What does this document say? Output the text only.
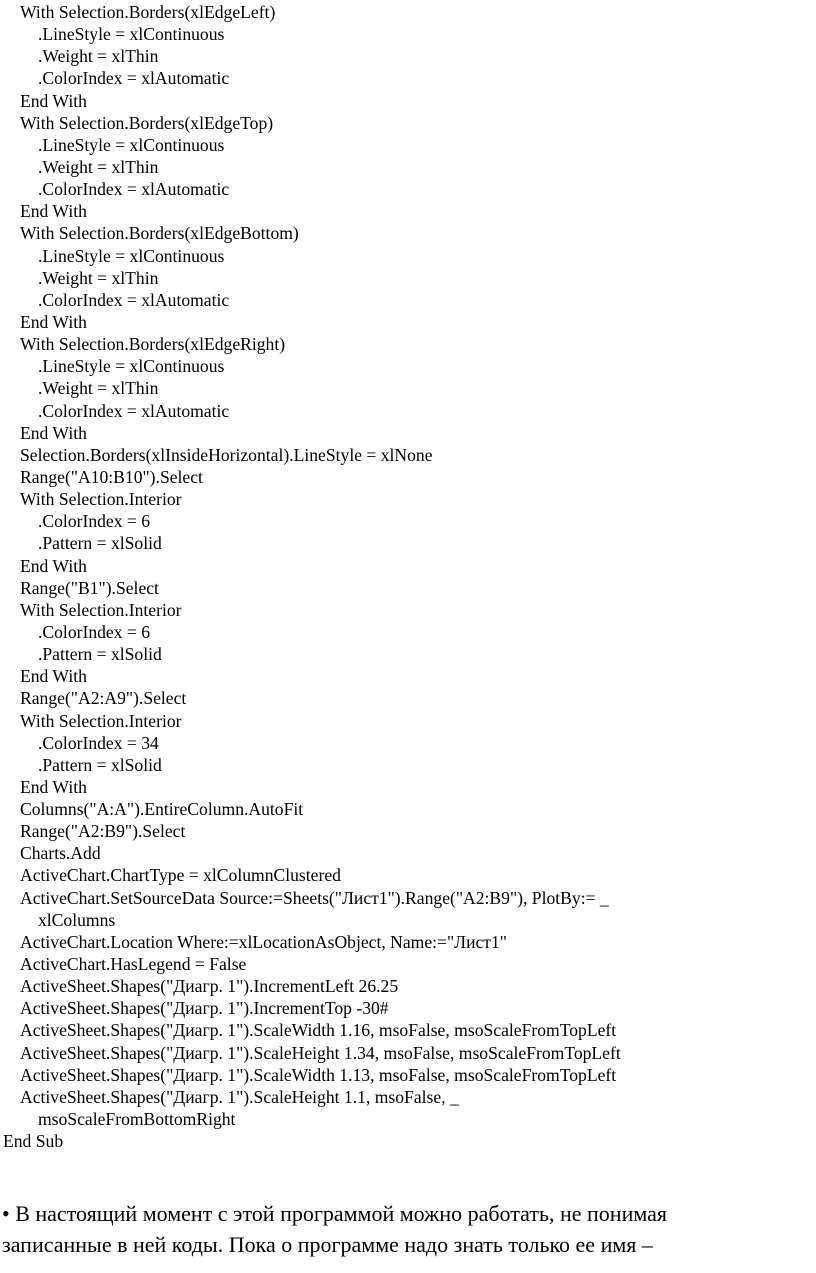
With Selection.Borders(xlEdgeLeft)
.LineStyle = xlContinuous
.Weight = xlThin
.ColorIndex = xlAutomatic
End With
With Selection.Borders(xlEdgeTop)
.LineStyle = xlContinuous
.Weight = xlThin
.ColorIndex = xlAutomatic
End With
With Selection.Borders(xlEdgeBottom)
.LineStyle = xlContinuous
.Weight = xlThin
.ColorIndex = xlAutomatic
End With
With Selection.Borders(xlEdgeRight)
.LineStyle = xlContinuous
.Weight = xlThin
.ColorIndex = xlAutomatic
End With
Selection.Borders(xlInsideHorizontal).LineStyle = xlNone
Range("A10:B10").Select
With Selection.Interior
.ColorIndex = 6
.Pattern = xlSolid
End With
Range("B1").Select
With Selection.Interior
.ColorIndex = 6
.Pattern = xlSolid
End With
Range("A2:A9").Select
With Selection.Interior
.ColorIndex = 34
.Pattern = xlSolid
End With
Columns("A:A").EntireColumn.AutoFit
Range("A2:B9").Select
Charts.Add
ActiveChart.ChartType = xlColumnClustered
ActiveChart.SetSourceData Source:=Sheets("Лист1").Range("A2:B9"), PlotBy:= _
xlColumns
ActiveChart.Location Where:=xlLocationAsObject, Name:="Лист1"
ActiveChart.HasLegend = False
ActiveSheet.Shapes("Диагр. 1").IncrementLeft 26.25
ActiveSheet.Shapes("Диагр. 1").IncrementTop -30#
ActiveSheet.Shapes("Диагр. 1").ScaleWidth 1.16, msoFalse, msoScaleFromTopLeft
ActiveSheet.Shapes("Диагр. 1").ScaleHeight 1.34, msoFalse, msoScaleFromTopLeft
ActiveSheet.Shapes("Диагр. 1").ScaleWidth 1.13, msoFalse, msoScaleFromTopLeft
ActiveSheet.Shapes("Диагр. 1").ScaleHeight 1.1, msoFalse, _
msoScaleFromBottomRight
End Sub
• В настоящий момент с этой программой можно работать, не понимая
записанные в ней коды. Пока о программе надо знать только ее имя –
